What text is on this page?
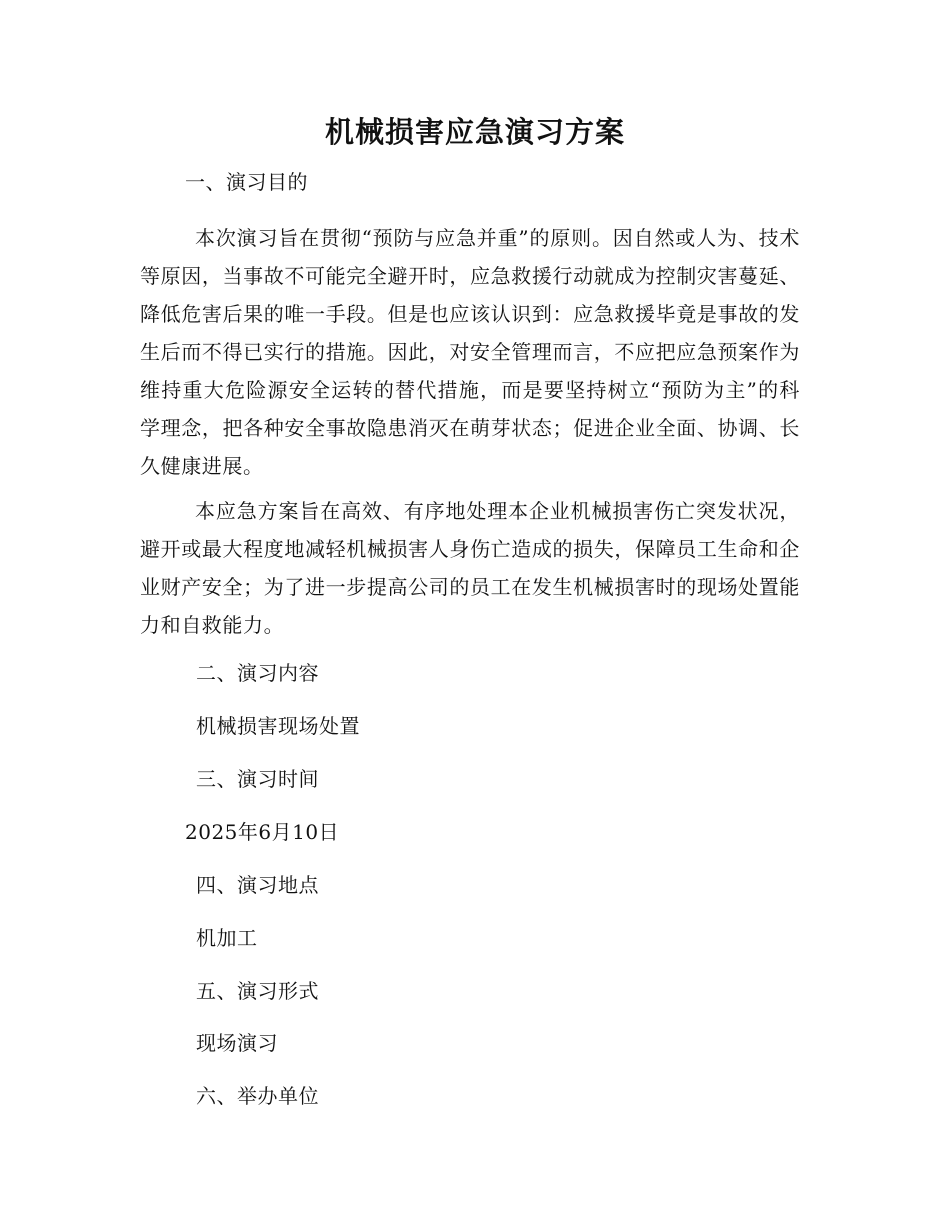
机械损害应急演习方案
一、演习目的
本次演习旨在贯彻“预防与应急并重”的原则。因自然或人为、技术等原因，当事故不可能完全避开时，应急救援行动就成为控制灾害蔓延、降低危害后果的唯一手段。但是也应该认识到：应急救援毕竟是事故的发生后而不得已实行的措施。因此，对安全管理而言，不应把应急预案作为维持重大危险源安全运转的替代措施，而是要坚持树立“预防为主”的科学理念，把各种安全事故隐患消灭在萌芽状态；促进企业全面、协调、长久健康进展。
本应急方案旨在高效、有序地处理本企业机械损害伤亡突发状况，避开或最大程度地减轻机械损害人身伤亡造成的损失，保障员工生命和企业财产安全；为了进一步提高公司的员工在发生机械损害时的现场处置能力和自救能力。
二、演习内容
机械损害现场处置
三、演习时间
2025年6月10日
四、演习地点
机加工
五、演习形式
现场演习
六、举办单位
